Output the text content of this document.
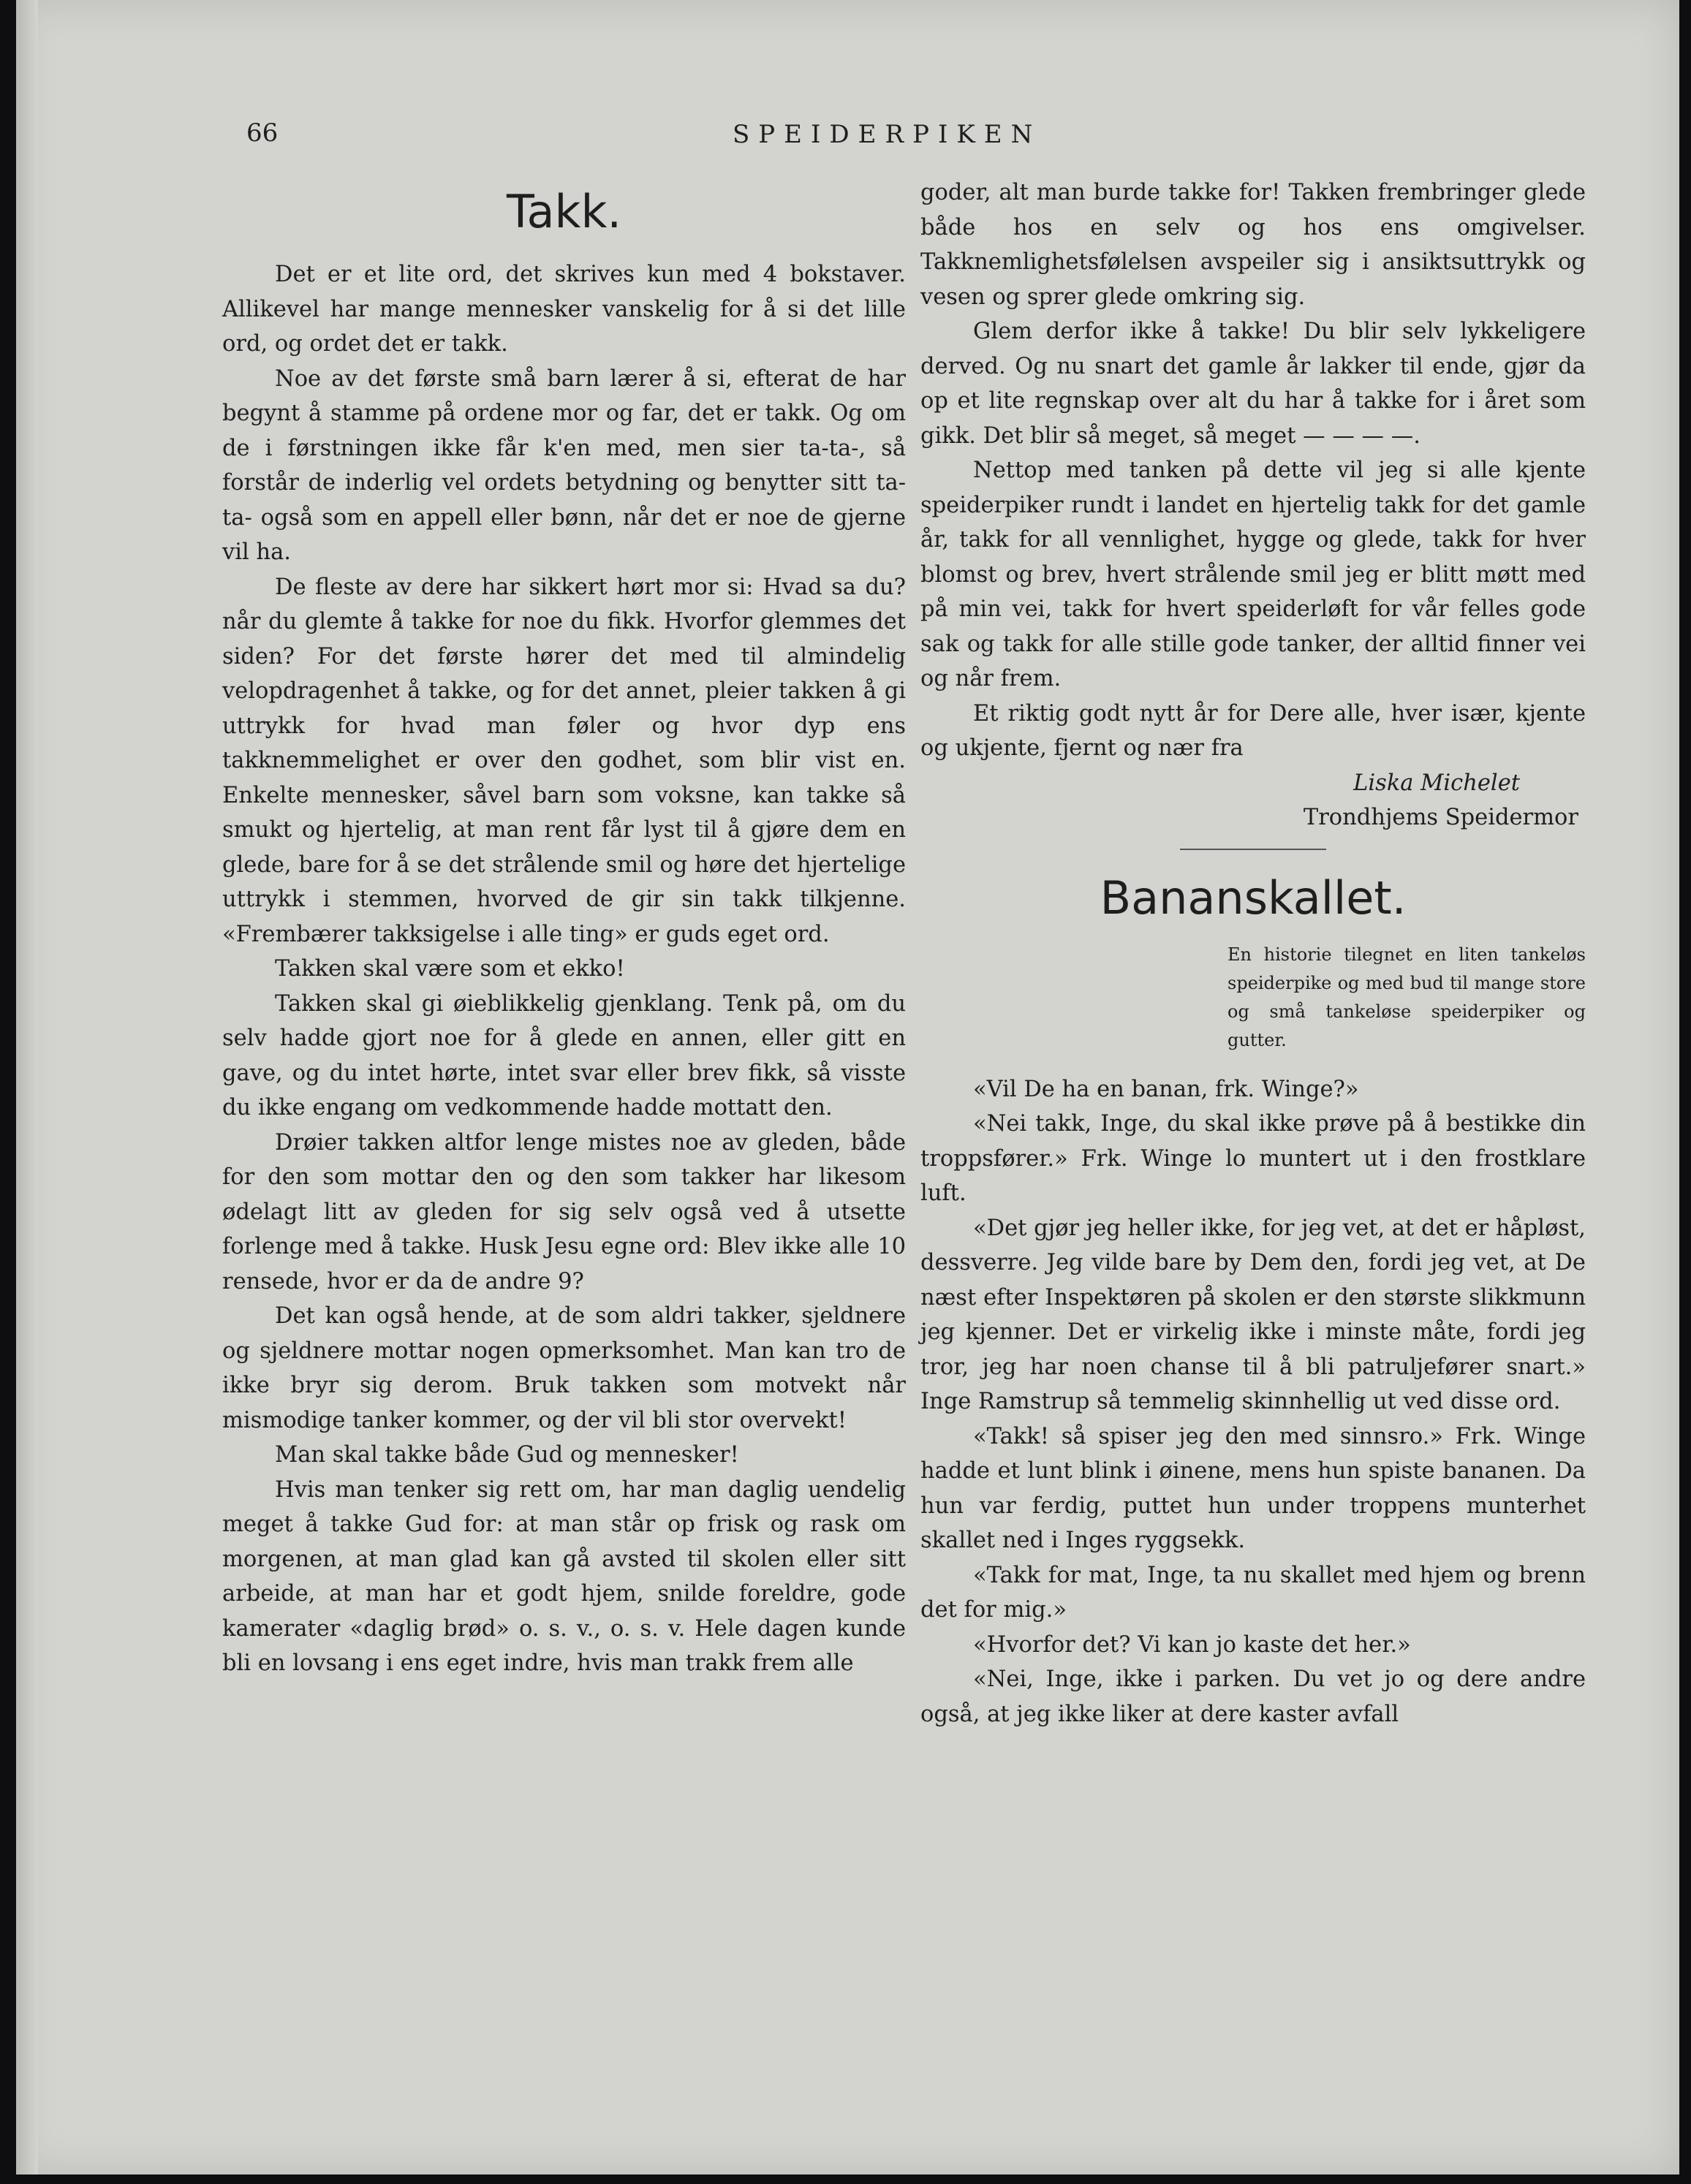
66	SPEIDERPIKEN
Takk.

Det er et lite ord, det skrives kun med 4 bokstaver. Allikevel har mange mennesker vanskelig for å si det lille ord, og ordet det er takk.

Noe av det første små barn lærer å si, efterat de har begynt å stamme på ordene mor og far, det er takk. Og om de i førstningen ikke får k'en med, men sier ta-ta-, så forstår de inderlig vel ordets betydning og benytter sitt ta-ta- også som en appell eller bønn, når det er noe de gjerne vil ha.

De fleste av dere har sikkert hørt mor si: Hvad sa du? når du glemte å takke for noe du fikk. Hvorfor glemmes det siden? For det første hører det med til almindelig velopdragenhet å takke, og for det annet, pleier takken å gi uttrykk for hvad man føler og hvor dyp ens takknemmelighet er over den godhet, som blir vist en. Enkelte mennesker, såvel barn som voksne, kan takke så smukt og hjertelig, at man rent får lyst til å gjøre dem en glede, bare for å se det strålende smil og høre det hjertelige uttrykk i stemmen, hvorved de gir sin takk tilkjenne. «Frembærer takksigelse i alle ting» er guds eget ord.

Takken skal være som et ekko!

Takken skal gi øieblikkelig gjenklang. Tenk på, om du selv hadde gjort noe for å glede en annen, eller gitt en gave, og du intet hørte, intet svar eller brev fikk, så visste du ikke engang om vedkommende hadde mottatt den.

Drøier takken altfor lenge mistes noe av gleden, både for den som mottar den og den som takker har likesom ødelagt litt av gleden for sig selv også ved å utsette forlenge med å takke. Husk Jesu egne ord: Blev ikke alle 10 rensede, hvor er da de andre 9?

Det kan også hende, at de som aldri takker, sjeldnere og sjeldnere mottar nogen opmerksomhet. Man kan tro de ikke bryr sig derom. Bruk takken som motvekt når mismodige tanker kommer, og der vil bli stor overvekt!

Man skal takke både Gud og mennesker!

Hvis man tenker sig rett om, har man daglig uendelig meget å takke Gud for: at man står op frisk og rask om morgenen, at man glad kan gå avsted til skolen eller sitt arbeide, at man har et godt hjem, snilde foreldre, gode kamerater «daglig brød» o. s. v., o. s. v. Hele dagen kunde bli en lovsang i ens eget indre, hvis man trakk frem alle

goder, alt man burde takke for! Takken frembringer glede både hos en selv og hos ens omgivelser. Takknemlighetsfølelsen avspeiler sig i ansiktsuttrykk og vesen og sprer glede omkring sig.

Glem derfor ikke å takke! Du blir selv lykkeligere derved. Og nu snart det gamle år lakker til ende, gjør da op et lite regnskap over alt du har å takke for i året som gikk. Det blir så meget, så meget — — — —.

Nettop med tanken på dette vil jeg si alle kjente speiderpiker rundt i landet en hjertelig takk for det gamle år, takk for all vennlighet, hygge og glede, takk for hver blomst og brev, hvert strålende smil jeg er blitt møtt med på min vei, takk for hvert speiderløft for vår felles gode sak og takk for alle stille gode tanker, der alltid finner vei og når frem.

Et riktig godt nytt år for Dere alle, hver især, kjente og ukjente, fjernt og nær fra

Liska Michelet
Trondhjems Speidermor
Bananskallet.
En historie tilegnet en liten tankeløs speiderpike og med bud til mange store og små tankeløse speiderpiker og gutter.

«Vil De ha en banan, frk. Winge?»

«Nei takk, Inge, du skal ikke prøve på å bestikke din troppsfører.» Frk. Winge lo muntert ut i den frostklare luft.

«Det gjør jeg heller ikke, for jeg vet, at det er håpløst, dessverre. Jeg vilde bare by Dem den, fordi jeg vet, at De næst efter Inspektøren på skolen er den største slikkmunn jeg kjenner. Det er virkelig ikke i minste måte, fordi jeg tror, jeg har noen chanse til å bli patruljefører snart.» Inge Ramstrup så temmelig skinnhellig ut ved disse ord.

«Takk! så spiser jeg den med sinnsro.» Frk. Winge hadde et lunt blink i øinene, mens hun spiste bananen. Da hun var ferdig, puttet hun under troppens munterhet skallet ned i Inges ryggsekk.

«Takk for mat, Inge, ta nu skallet med hjem og brenn det for mig.»

«Hvorfor det? Vi kan jo kaste det her.»

«Nei, Inge, ikke i parken. Du vet jo og dere andre også, at jeg ikke liker at dere kaster avfall
